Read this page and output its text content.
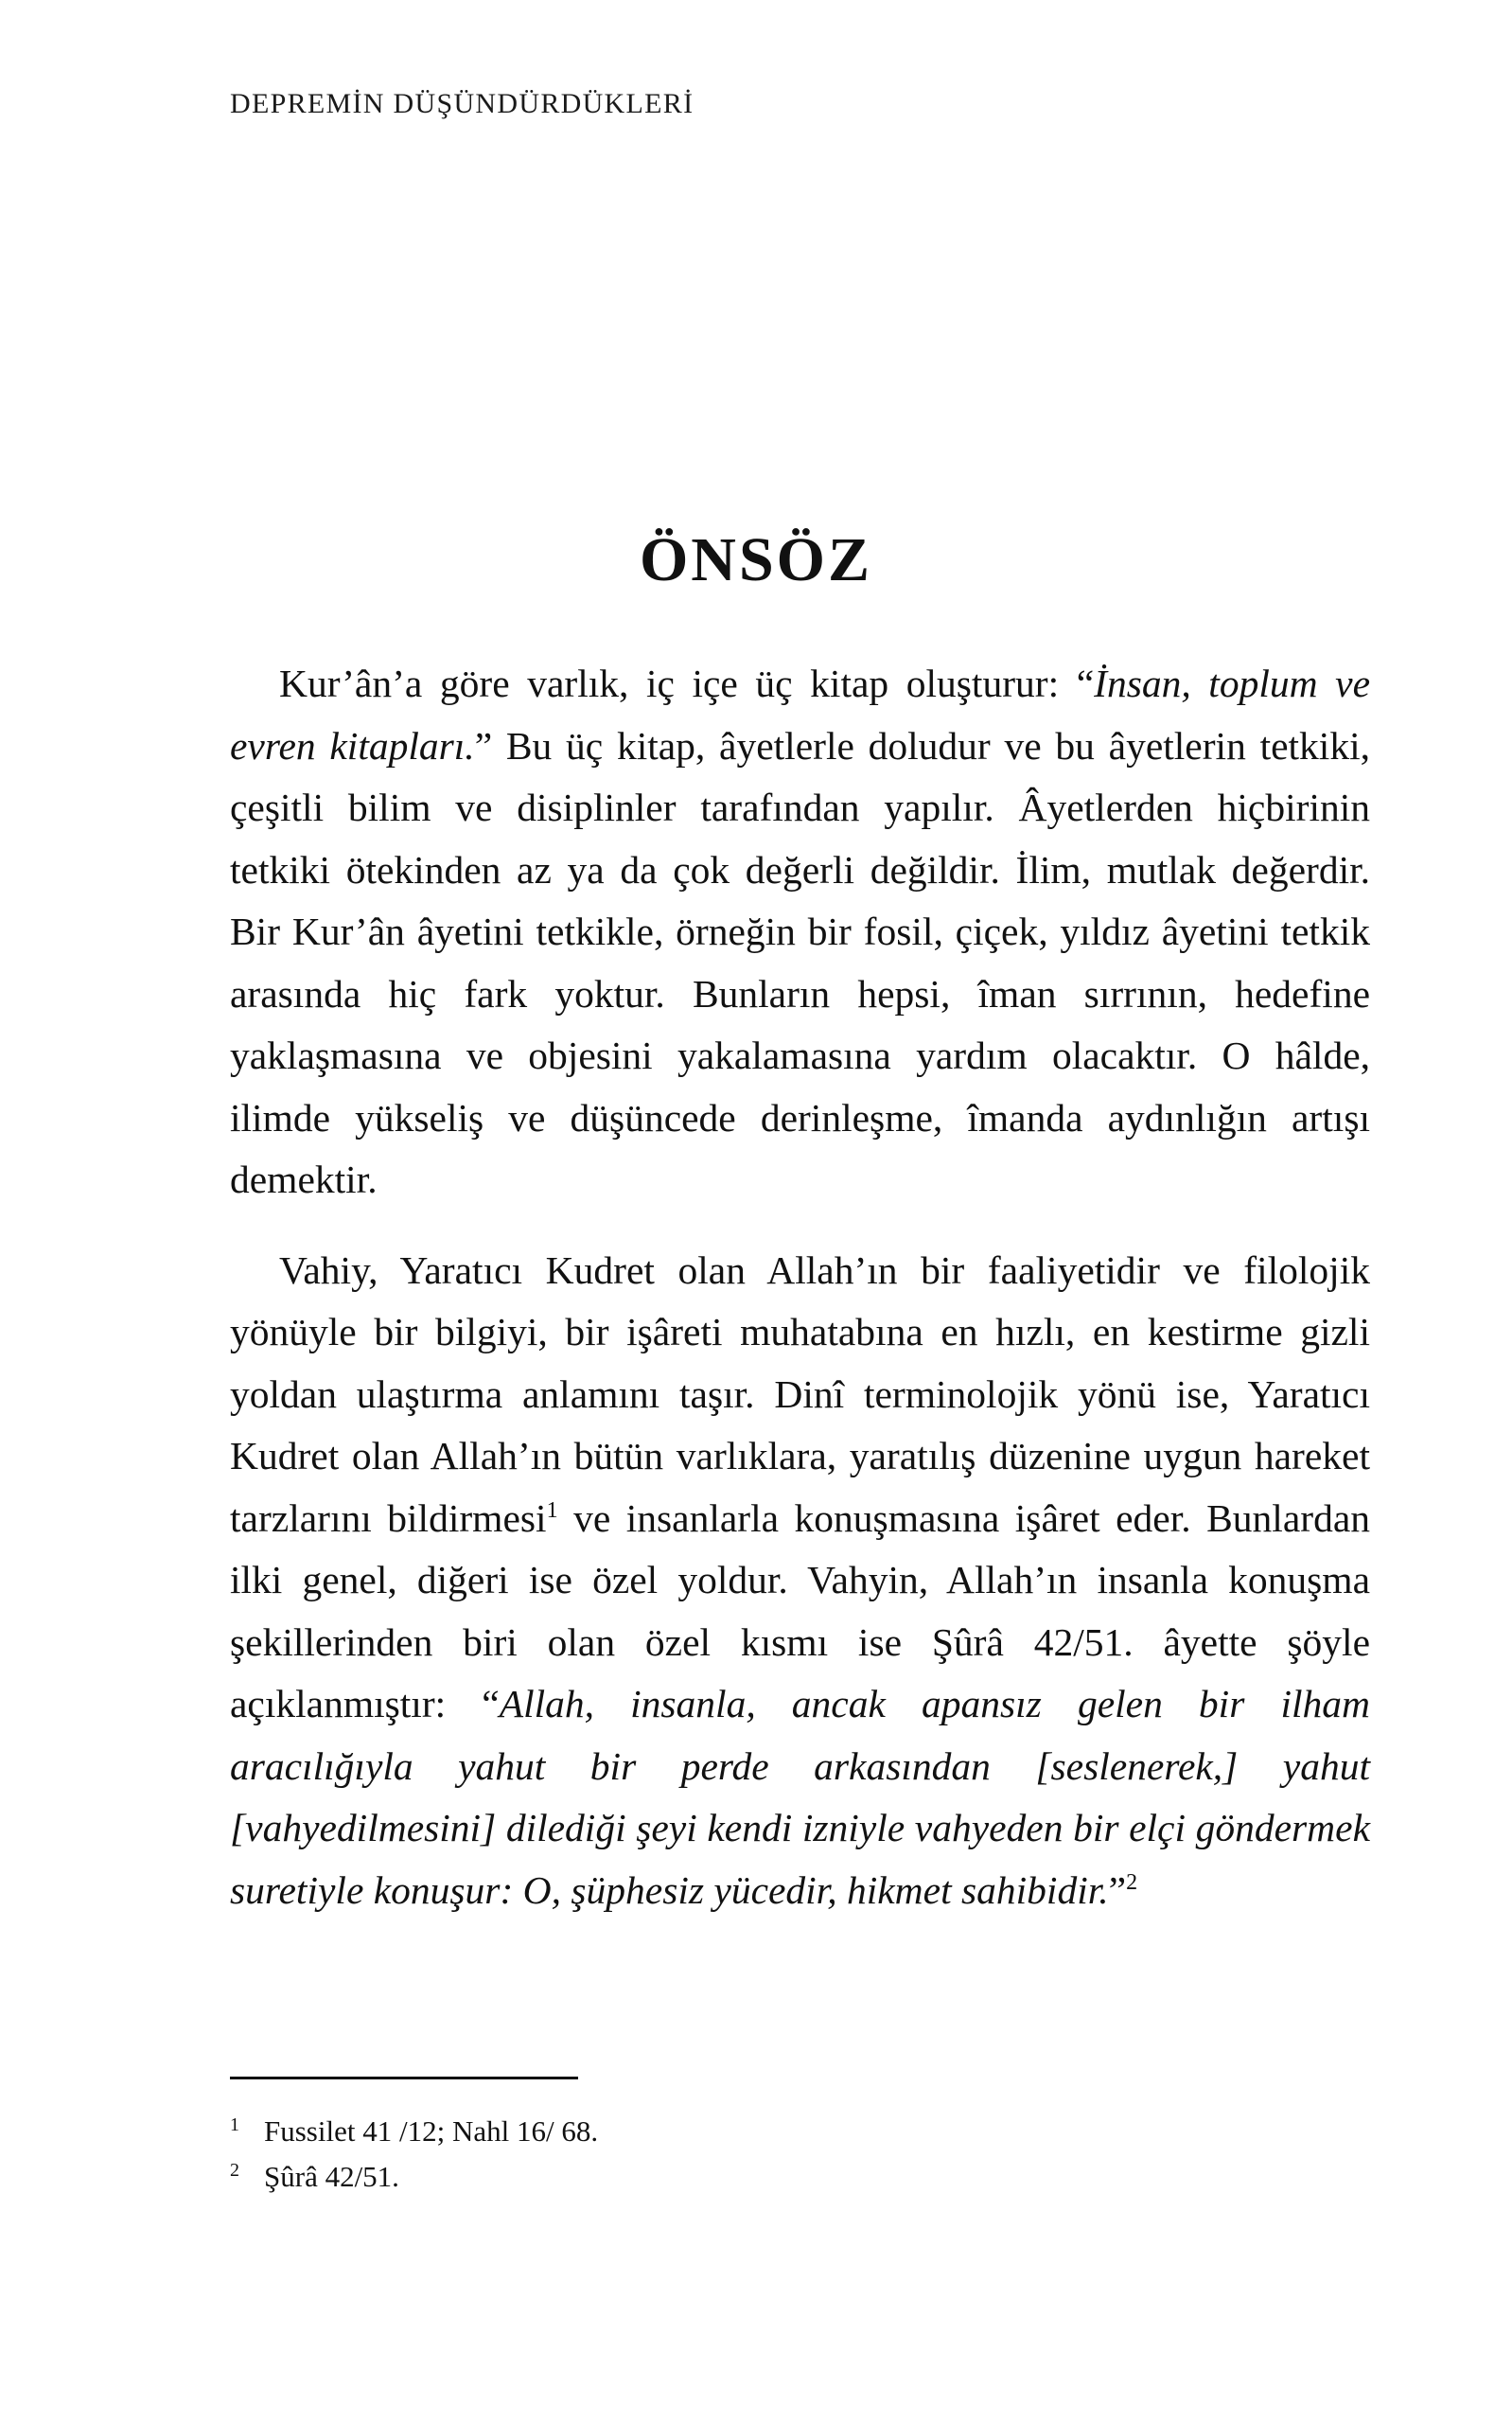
DEPREMİN DÜŞÜNDÜRDÜKLERİ
ÖNSÖZ

Kur’ân’a göre varlık, iç içe üç kitap oluşturur: “İnsan, toplum ve evren kitapları.” Bu üç kitap, âyetlerle doludur ve bu âyetlerin tetkiki, çeşitli bilim ve disiplinler tarafından yapılır. Âyetlerden hiçbirinin tetkiki ötekinden az ya da çok değerli değildir. İlim, mutlak değerdir. Bir Kur’ân âyetini tetkikle, örneğin bir fosil, çiçek, yıldız âyetini tetkik arasında hiç fark yoktur. Bunların hepsi, îman sırrının, hedefine yaklaşmasına ve objesini yakalamasına yardım olacaktır. O hâlde, ilimde yükseliş ve düşüncede derinleşme, îmanda aydınlığın artışı demektir.

Vahiy, Yaratıcı Kudret olan Allah’ın bir faaliyetidir ve filolojik yönüyle bir bilgiyi, bir işâreti muhatabına en hızlı, en kestirme gizli yoldan ulaştırma anlamını taşır. Dinî terminolojik yönü ise, Yaratıcı Kudret olan Allah’ın bütün varlıklara, yaratılış düzenine uygun hareket tarzlarını bildirmesi$^1$ ve insanlarla konuşmasına işâret eder. Bunlardan ilki genel, diğeri ise özel yoldur. Vahyin, Allah’ın insanla konuşma şekillerinden biri olan özel kısmı ise Şûrâ 42/51. âyette şöyle açıklanmıştır: “Allah, insanla, ancak apansız gelen bir ilham aracılığıyla yahut bir perde arkasından [seslenerek,] yahut [vahyedilmesini] dilediği şeyi kendi izniyle vahyeden bir elçi göndermek suretiyle konuşur: O, şüphesiz yücedir, hikmet sahibidir.”$^2$

1 Fussilet 41 /12; Nahl 16/ 68.
2 Şûrâ 42/51.
